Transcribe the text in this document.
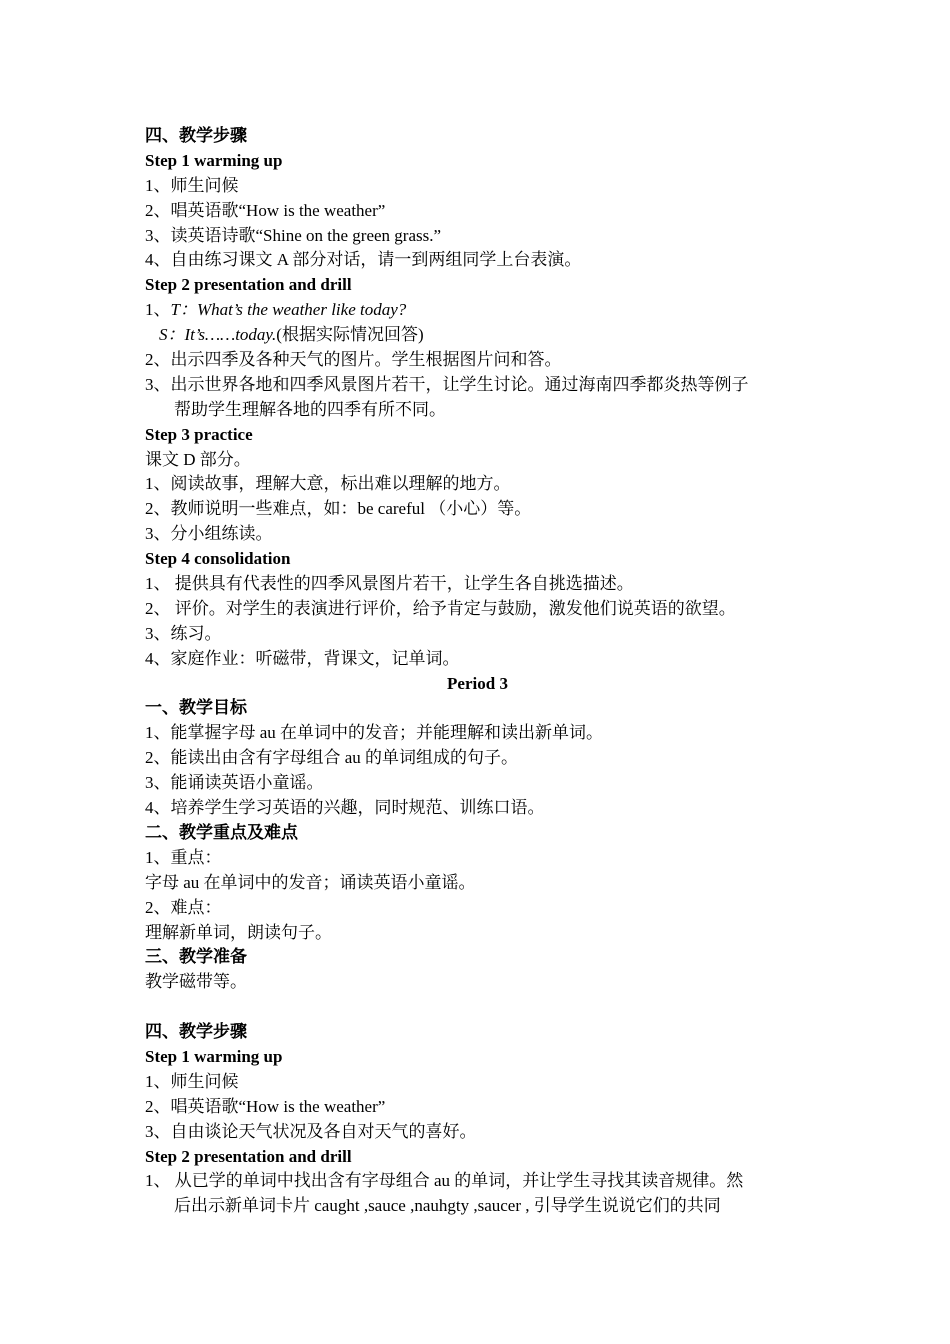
四、教学步骤
Step 1 warming up
1、师生问候
2、唱英语歌“How is the weather”
3、读英语诗歌“Shine on the green grass.”
4、自由练习课文 A 部分对话，请一到两组同学上台表演。
Step 2 presentation and drill
1、T：What’s the weather like today?
S：It’s……today.(根据实际情况回答)
2、出示四季及各种天气的图片。学生根据图片问和答。
3、出示世界各地和四季风景图片若干，让学生讨论。通过海南四季都炎热等例子
帮助学生理解各地的四季有所不同。
Step 3 practice
课文 D 部分。
1、阅读故事，理解大意，标出难以理解的地方。
2、教师说明一些难点，如：be careful （小心）等。
3、分小组练读。
Step 4 consolidation
1、 提供具有代表性的四季风景图片若干，让学生各自挑选描述。
2、 评价。对学生的表演进行评价，给予肯定与鼓励，激发他们说英语的欲望。
3、练习。
4、家庭作业：听磁带，背课文，记单词。
Period 3
一、教学目标
1、能掌握字母 au 在单词中的发音；并能理解和读出新单词。
2、能读出由含有字母组合 au 的单词组成的句子。
3、能诵读英语小童谣。
4、培养学生学习英语的兴趣，同时规范、训练口语。
二、教学重点及难点
1、重点：
字母 au 在单词中的发音；诵读英语小童谣。
2、难点：
理解新单词，朗读句子。
三、教学准备
教学磁带等。
四、教学步骤
Step 1 warming up
1、师生问候
2、唱英语歌“How is the weather”
3、自由谈论天气状况及各自对天气的喜好。
Step 2 presentation and drill
1、 从已学的单词中找出含有字母组合 au 的单词，并让学生寻找其读音规律。然
后出示新单词卡片 caught ,sauce ,nauhgty ,saucer , 引导学生说说它们的共同
